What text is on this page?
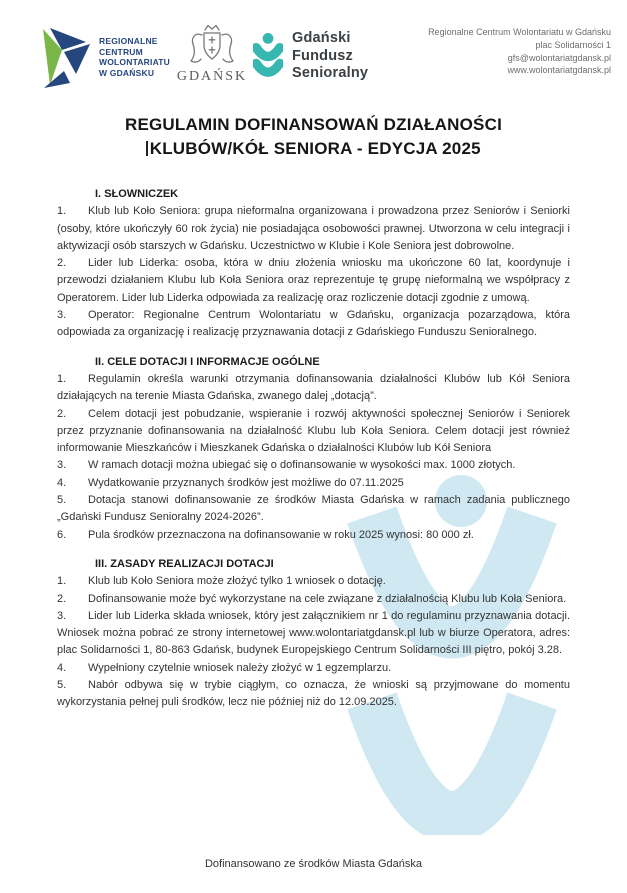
REGIONALNE
CENTRUM
WOLONTARIATU
W GDAŃSKU	GDAŃSK
Gdański
Fundusz
Senioralny
Regionalne Centrum Wolontariatu w Gdańsku
plac Solidarności 1
gfs@wolontariatgdansk.pl
www.wolontariatgdansk.pl
REGULAMIN DOFINANSOWAŃ DZIAŁANOŚCI
KLUBÓW/KÓŁ SENIORA - EDYCJA 2025
I. SŁOWNICZEK

1. Klub lub Koło Seniora: grupa nieformalna organizowana i prowadzona przez Seniorów i Seniorki (osoby, które ukończyły 60 rok życia) nie posiadająca osobowości prawnej. Utworzona w celu integracji i aktywizacji osób starszych w Gdańsku. Uczestnictwo w Klubie i Kole Seniora jest dobrowolne.

2. Lider lub Liderka: osoba, która w dniu złożenia wniosku ma ukończone 60 lat, koordynuje i przewodzi działaniem Klubu lub Koła Seniora oraz reprezentuje tę grupę nieformalną we współpracy z Operatorem. Lider lub Liderka odpowiada za realizację oraz rozliczenie dotacji zgodnie z umową.

3. Operator: Regionalne Centrum Wolontariatu w Gdańsku, organizacja pozarządowa, która odpowiada za organizację i realizację przyznawania dotacji z Gdańskiego Funduszu Senioralnego.

II. CELE DOTACJI I INFORMACJE OGÓLNE

1. Regulamin określa warunki otrzymania dofinansowania działalności Klubów lub Kół Seniora działających na terenie Miasta Gdańska, zwanego dalej „dotacją”.

2. Celem dotacji jest pobudzanie, wspieranie i rozwój aktywności społecznej Seniorów i Seniorek przez przyznanie dofinansowania na działalność Klubu lub Koła Seniora. Celem dotacji jest również informowanie Mieszkańców i Mieszkanek Gdańska o działalności Klubów lub Kół Seniora

3. W ramach dotacji można ubiegać się o dofinansowanie w wysokości max. 1000 złotych.

4. Wydatkowanie przyznanych środków jest możliwe do 07.11.2025

5. Dotacja stanowi dofinansowanie ze środków Miasta Gdańska w ramach zadania publicznego „Gdański Fundusz Senioralny 2024-2026”.

6. Pula środków przeznaczona na dofinansowanie w roku 2025 wynosi: 80 000 zł.

III. ZASADY REALIZACJI DOTACJI

1. Klub lub Koło Seniora może złożyć tylko 1 wniosek o dotację.

2. Dofinansowanie może być wykorzystane na cele związane z działalnością Klubu lub Koła Seniora.

3. Lider lub Liderka składa wniosek, który jest załącznikiem nr 1 do regulaminu przyznawania dotacji. Wniosek można pobrać ze strony internetowej www.wolontariatgdansk.pl lub w biurze Operatora, adres: plac Solidarności 1, 80-863 Gdańsk, budynek Europejskiego Centrum Solidarności III piętro, pokój 3.28.

4. Wypełniony czytelnie wniosek należy złożyć w 1 egzemplarzu.

5. Nabór odbywa się w trybie ciągłym, co oznacza, że wnioski są przyjmowane do momentu wykorzystania pełnej puli środków, lecz nie później niż do 12.09.2025.

Dofinansowano ze środków Miasta Gdańska
